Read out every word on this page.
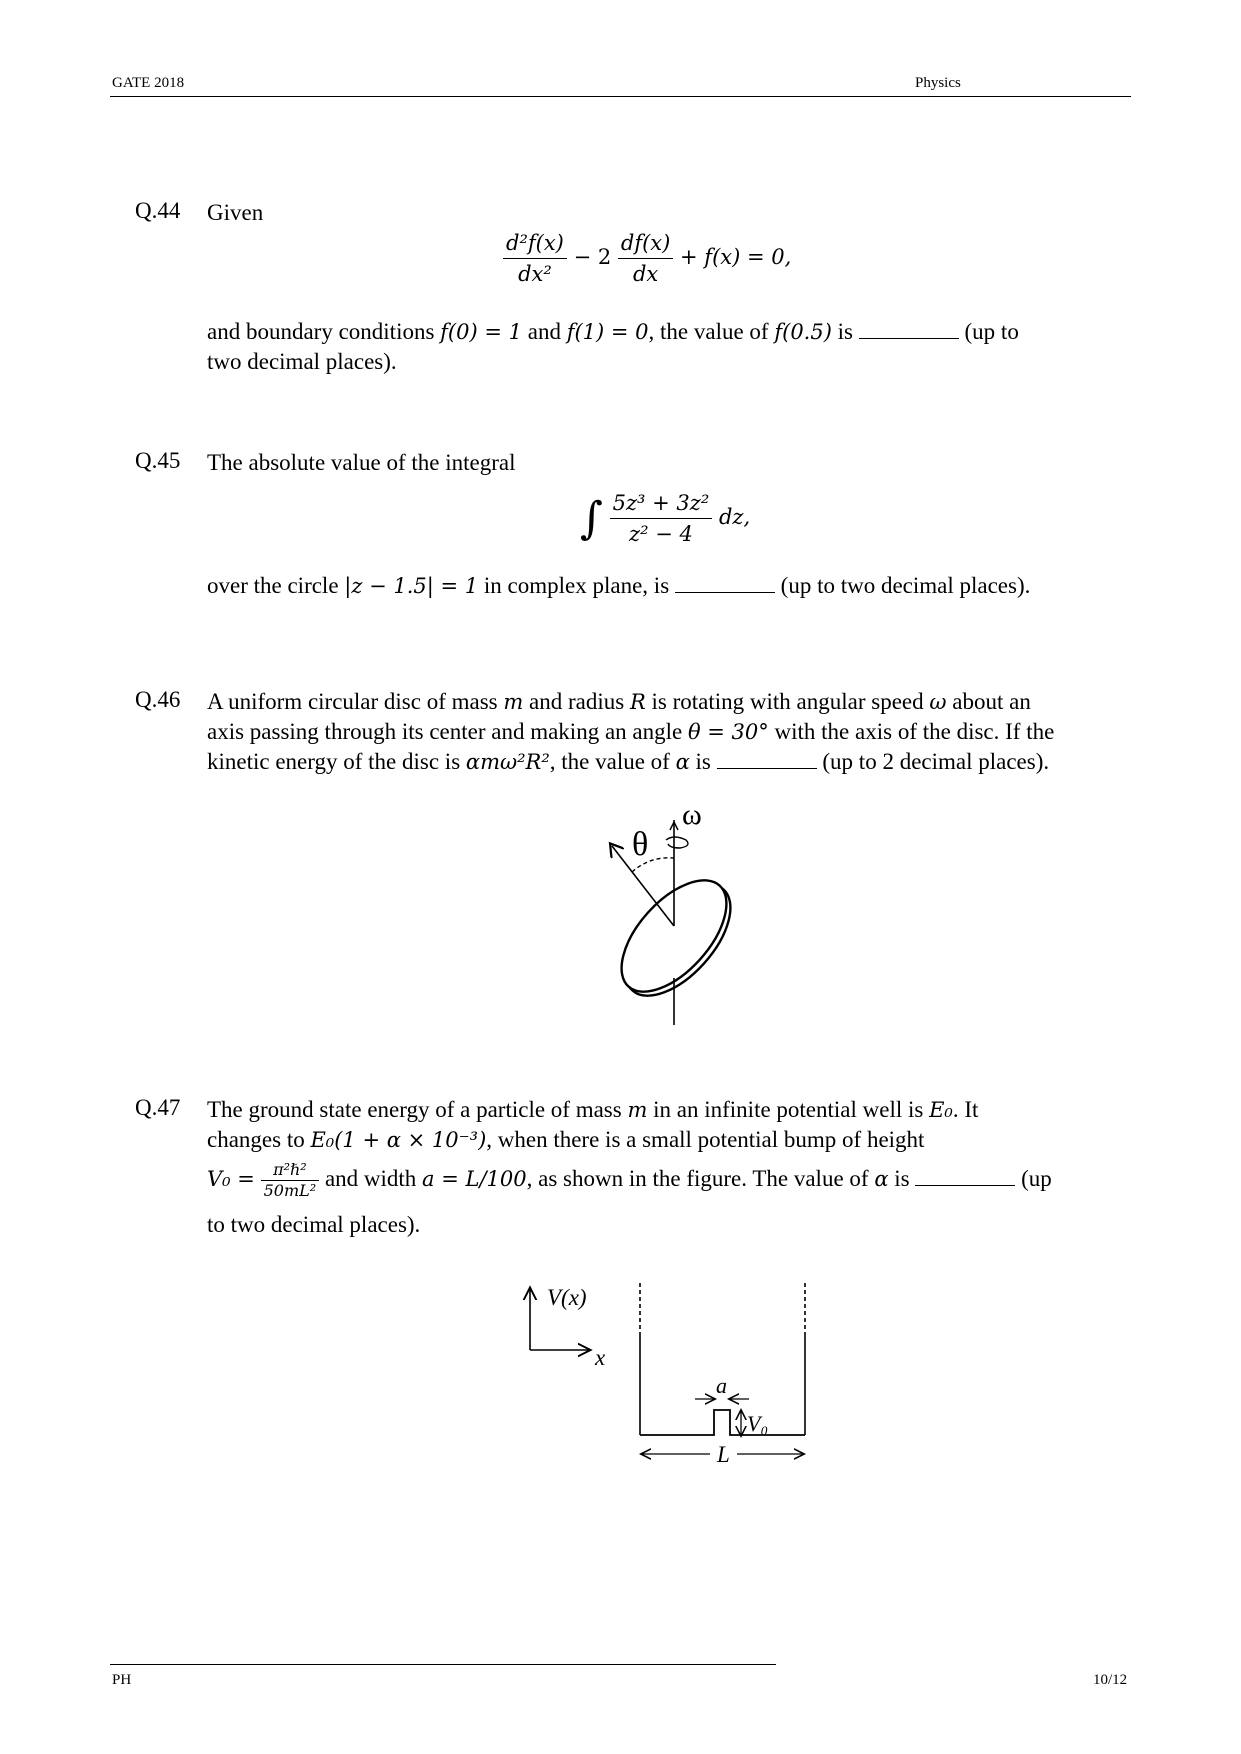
GATE 2018	Physics
Q.44 Given
$\frac{\text{d²f(x)}}{\text{dx²}} - 2 \frac{df(x)}{dx} + f(x) = 0$,
and boundary conditions f(0) = 1 and f(1) = 0, the value of f(0.5) is	(up to
two decimal places).
Q.45 The absolute value of the integral
∫ $\frac{\text{5z³ + 3z²}}{\text{z² − 4}}$ dz,
over the circle |z − 1.5| = 1 in complex plane, is	(up to two decimal places).
Q.46 A uniform circular disc of mass m and radius R is rotating with angular speed ω about an
axis passing through its center and making an angle θ = 30° with the axis of the disc. If the
kinetic energy of the disc is αmω²R², the value of α is	(up to 2 decimal places).
θ
ω
Q.47 The ground state energy of a particle of mass m in an infinite potential well is E₀. It
changes to E₀(1 + α × 10⁻³), when there is a small potential bump of height
$V_0 = \frac{\text{π²ℏ²}}{\text{50mL²}}$ and width a = L/100, as shown in the figure. The value of α is	(up
to two decimal places).
V(x)
x
a
V₀
L
PH	10/12
